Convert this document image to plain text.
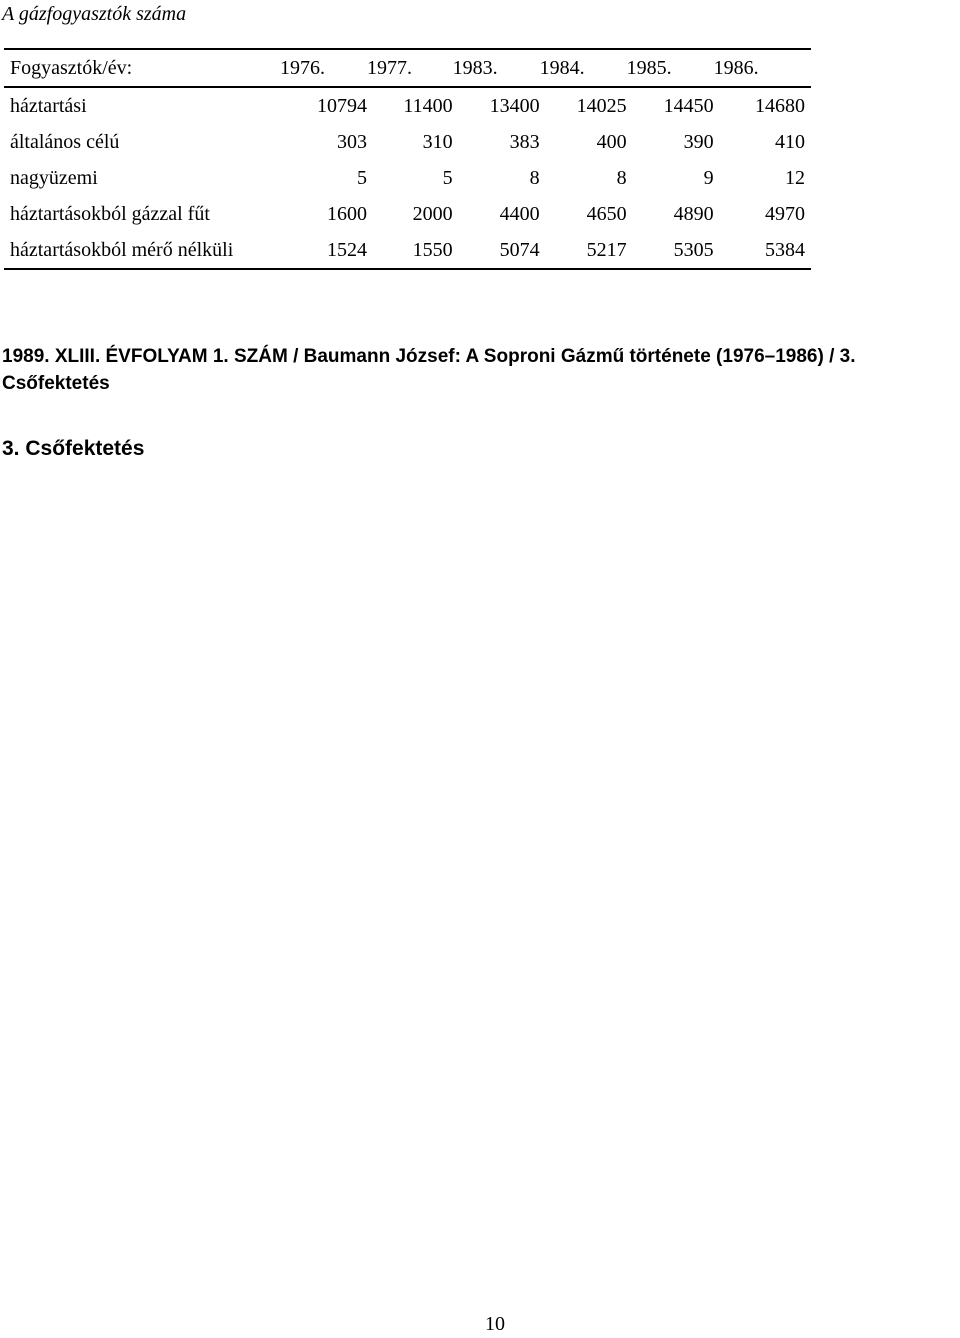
A gázfogyasztók száma
Fogyasztók/év:	1976.	1977.	1983.	1984.	1985.	1986.
háztartási	10794	11400	13400	14025	14450	14680
általános célú	303	310	383	400	390	410
nagyüzemi	5	5	8	8	9	12
háztartásokból gázzal fűt	1600	2000	4400	4650	4890	4970
háztartásokból mérő nélküli	1524	1550	5074	5217	5305	5384
1989. XLIII. ÉVFOLYAM 1. SZÁM / Baumann József: A Soproni Gázmű története (1976–1986) / 3. Csőfektetés
3. Csőfektetés
10
